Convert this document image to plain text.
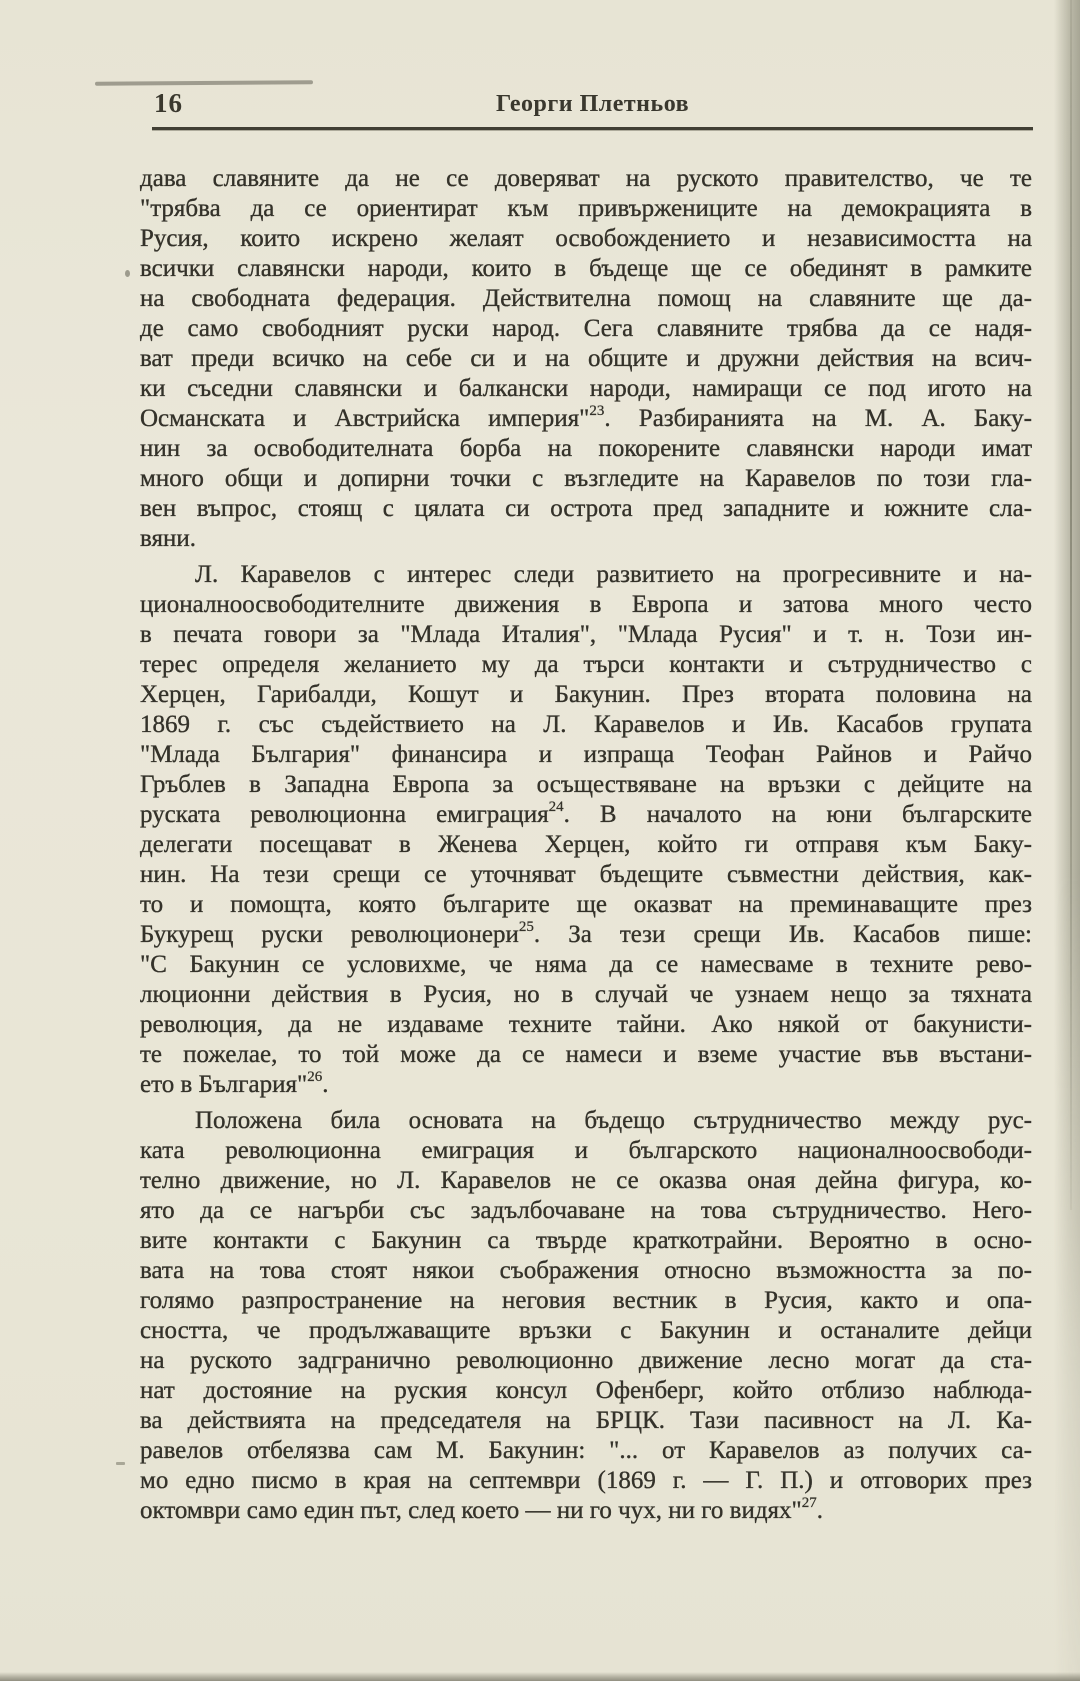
16	Георги Плетньов
дава славяните да не се доверяват на руското правителство, че те
"трябва да се ориентират към привържениците на демокрацията в
Русия, които искрено желаят освобождението и независимостта на
всички славянски народи, които в бъдеще ще се обединят в рамките
на свободната федерация. Действителна помощ на славяните ще да-
де само свободният руски народ. Сега славяните трябва да се надя-
ват преди всичко на себе си и на общите и дружни действия на всич-
ки съседни славянски и балкански народи, намиращи се под игото на
Османската и Австрийска империя"$^{23}$. Разбиранията на М. А. Баку-
нин за освободителната борба на покорените славянски народи имат
много общи и допирни точки с възгледите на Каравелов по този гла-
вен въпрос, стоящ с цялата си острота пред западните и южните сла-
вяни.
Л. Каравелов с интерес следи развитието на прогресивните и на-
ционалноосвободителните движения в Европа и затова много често
в печата говори за "Млада Италия", "Млада Русия" и т. н. Този ин-
терес определя желанието му да търси контакти и сътрудничество с
Херцен, Гарибалди, Кошут и Бакунин. През втората половина на
1869 г. със съдействието на Л. Каравелов и Ив. Касабов групата
"Млада България" финансира и изпраща Теофан Райнов и Райчо
Гръблев в Западна Европа за осъществяване на връзки с дейците на
руската революционна емиграция$^{24}$. В началото на юни българските
делегати посещават в Женева Херцен, който ги отправя към Баку-
нин. На тези срещи се уточняват бъдещите съвместни действия, как-
то и помощта, която българите ще оказват на преминаващите през
Букурещ руски революционери$^{25}$. За тези срещи Ив. Касабов пише:
"С Бакунин се условихме, че няма да се намесваме в техните рево-
люционни действия в Русия, но в случай че узнаем нещо за тяхната
революция, да не издаваме техните тайни. Ако някой от бакунисти-
те пожелае, то той може да се намеси и вземе участие във въстани-
ето в България"$^{26}$.
Положена била основата на бъдещо сътрудничество между рус-
ката революционна емиграция и българското националноосвободи-
телно движение, но Л. Каравелов не се оказва оная дейна фигура, ко-
ято да се нагърби със задълбочаване на това сътрудничество. Него-
вите контакти с Бакунин са твърде краткотрайни. Вероятно в осно-
вата на това стоят някои съображения относно възможността за по-
голямо разпространение на неговия вестник в Русия, както и опа-
сността, че продължаващите връзки с Бакунин и останалите дейци
на руското задгранично революционно движение лесно могат да ста-
нат достояние на руския консул Офенберг, който отблизо наблюда-
ва действията на председателя на БРЦК. Тази пасивност на Л. Ка-
равелов отбелязва сам М. Бакунин: "... от Каравелов аз получих са-
мо едно писмо в края на септември (1869 г. — Г. П.) и отговорих през
октомври само един път, след което — ни го чух, ни го видях"$^{27}$.
